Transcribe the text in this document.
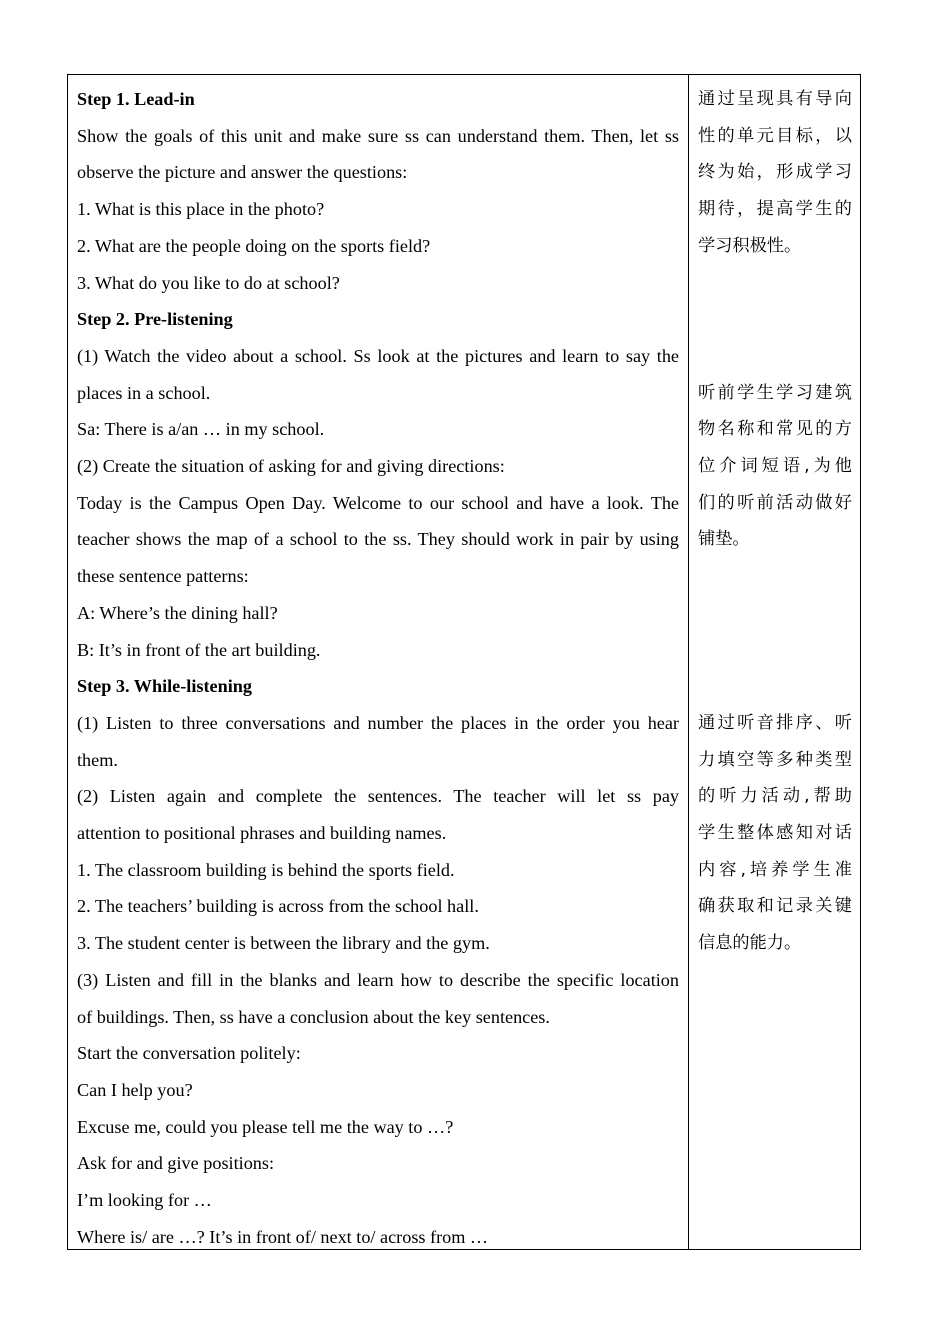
Step 1. Lead-in
Show the goals of this unit and make sure ss can understand them. Then, let ss
observe the picture and answer the questions:
1. What is this place in the photo?
2. What are the people doing on the sports field?
3. What do you like to do at school?
Step 2. Pre-listening
(1) Watch the video about a school. Ss look at the pictures and learn to say the
places in a school.
Sa: There is a/an … in my school.
(2) Create the situation of asking for and giving directions:
Today is the Campus Open Day. Welcome to our school and have a look. The
teacher shows the map of a school to the ss. They should work in pair by using
these sentence patterns:
A: Where’s the dining hall?
B: It’s in front of the art building.
Step 3. While-listening
(1) Listen to three conversations and number the places in the order you hear
them.
(2) Listen again and complete the sentences. The teacher will let ss pay
attention to positional phrases and building names.
1. The classroom building is behind the sports field.
2. The teachers’ building is across from the school hall.
3. The student center is between the library and the gym.
(3) Listen and fill in the blanks and learn how to describe the specific location
of buildings. Then, ss have a conclusion about the key sentences.
Start the conversation politely:
Can I help you?
Excuse me, could you please tell me the way to …?
Ask for and give positions:
I’m looking for …
Where is/ are …? It’s in front of/ next to/ across from …
通过呈现具有导向
性的单元目标，以
终为始，形成学习
期待，提高学生的
学习积极性。
听前学生学习建筑
物名称和常见的方
位介词短语,为他
们的听前活动做好
铺垫。
通过听音排序、听
力填空等多种类型
的听力活动,帮助
学生整体感知对话
内容,培养学生准
确获取和记录关键
信息的能力。
